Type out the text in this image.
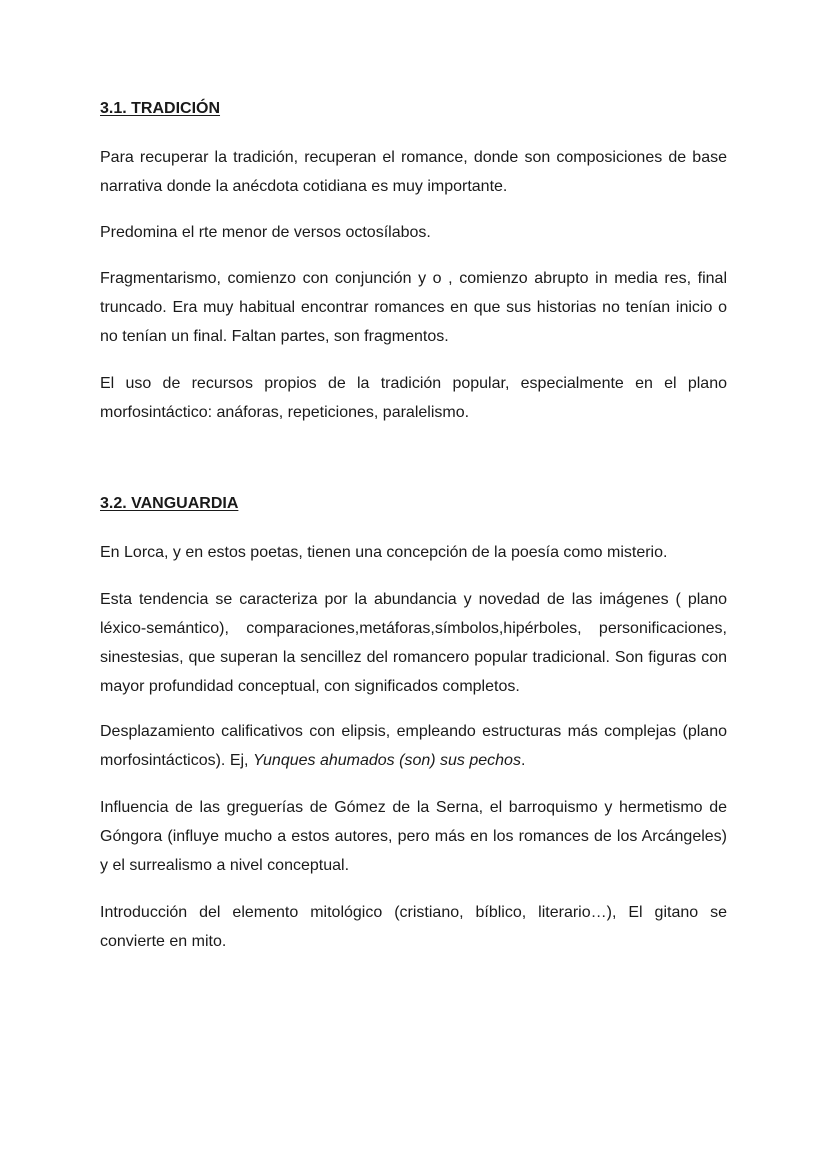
3.1. TRADICIÓN

Para recuperar la tradición, recuperan el romance, donde son composiciones de base narrativa donde la anécdota cotidiana es muy importante.

Predomina el rte menor de versos octosílabos.

Fragmentarismo, comienzo con conjunción y o , comienzo abrupto in media res, final truncado. Era muy habitual encontrar romances en que sus historias no tenían inicio o no tenían un final. Faltan partes, son fragmentos.

El uso de recursos propios de la tradición popular, especialmente en el plano morfosintáctico: anáforas, repeticiones, paralelismo.

3.2. VANGUARDIA

En Lorca, y en estos poetas, tienen una concepción de la poesía como misterio.

Esta tendencia se caracteriza por la abundancia y novedad de las imágenes ( plano léxico-semántico), comparaciones,metáforas,símbolos,hipérboles, personificaciones, sinestesias, que superan la sencillez del romancero popular tradicional. Son figuras con mayor profundidad conceptual, con significados completos.

Desplazamiento calificativos con elipsis, empleando estructuras más complejas (plano morfosintácticos). Ej, Yunques ahumados (son) sus pechos.

Influencia de las greguerías de Gómez de la Serna, el barroquismo y hermetismo de Góngora (influye mucho a estos autores, pero más en los romances de los Arcángeles) y el surrealismo a nivel conceptual.

Introducción del elemento mitológico (cristiano, bíblico, literario…), El gitano se convierte en mito.
